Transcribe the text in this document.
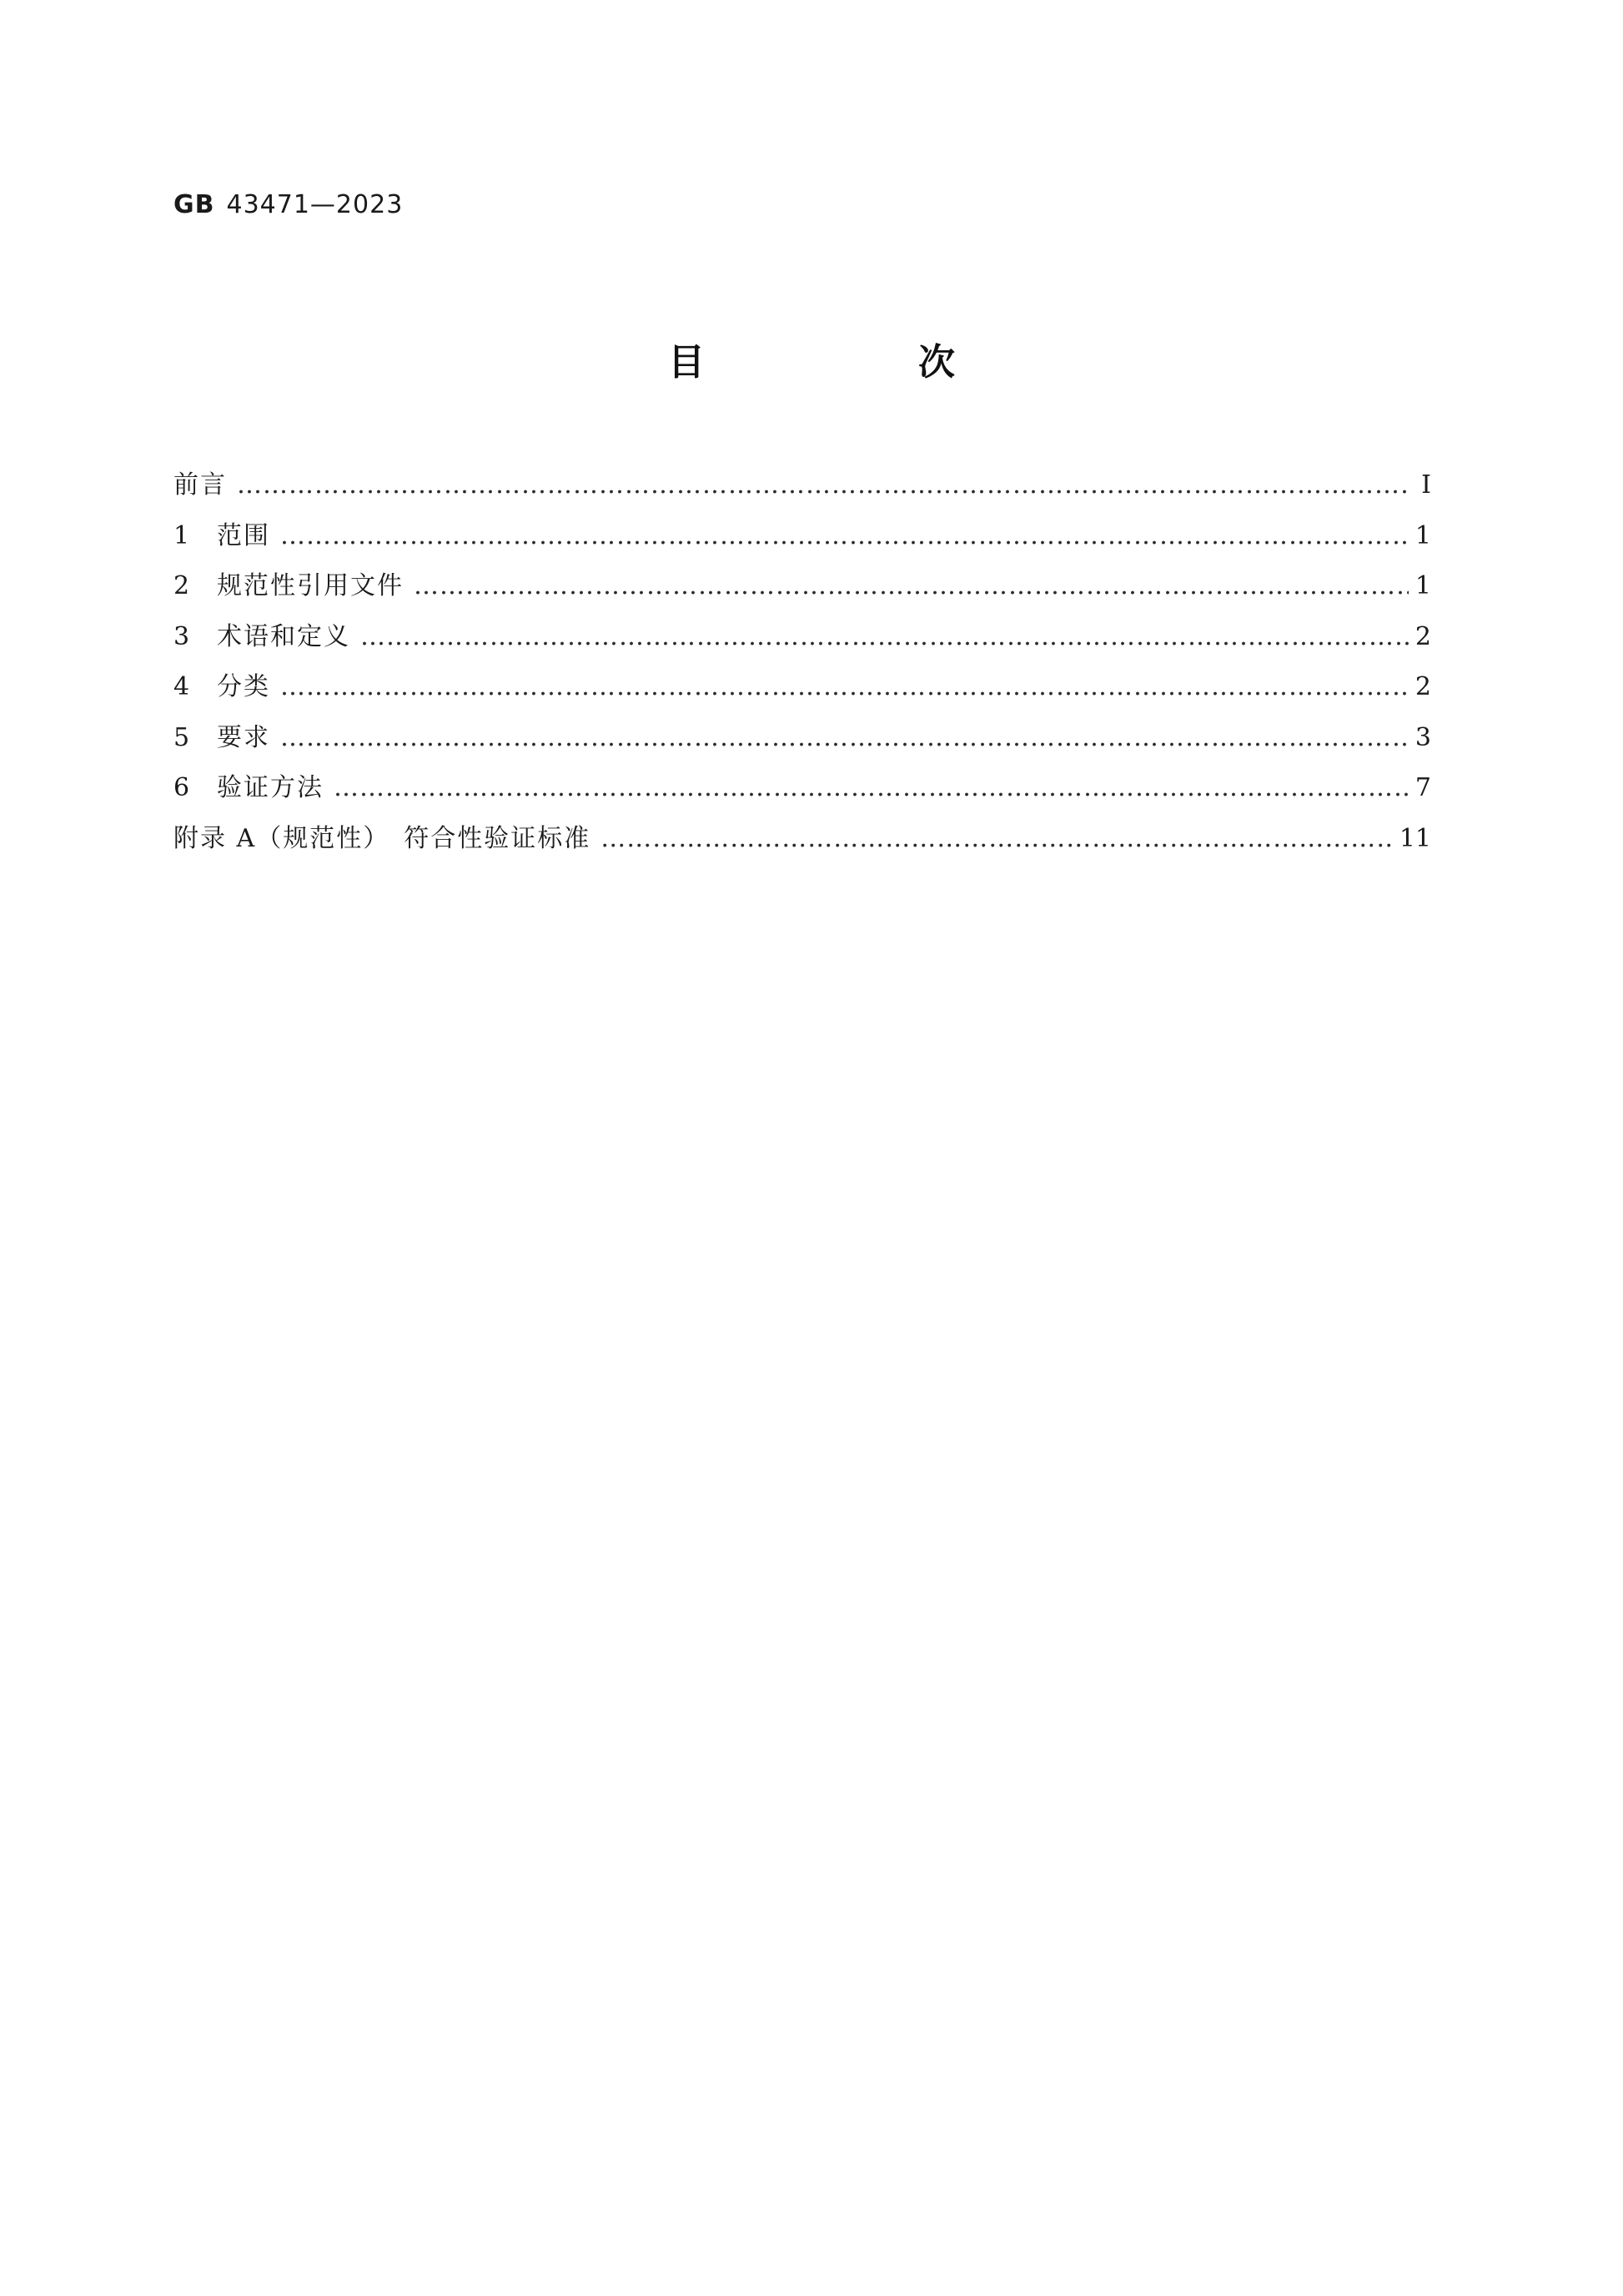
GB 43471—2023
目　次
前言 ……………………………………………………………………………………………………………………………………………………………………………………………………	Ⅰ
1	范围 ……………………………………………………………………………………………………………………………………………………………………………………………………	1
2	规范性引用文件 ……………………………………………………………………………………………………………………………………………………………………………………………………	1
3	术语和定义 ……………………………………………………………………………………………………………………………………………………………………………………………………	2
4	分类 ……………………………………………………………………………………………………………………………………………………………………………………………………	2
5	要求 ……………………………………………………………………………………………………………………………………………………………………………………………………	3
6	验证方法 ……………………………………………………………………………………………………………………………………………………………………………………………………	7
附录 A（规范性）　符合性验证标准 ……………………………………………………………………………………………………………………………………………………………………………………………………	11
